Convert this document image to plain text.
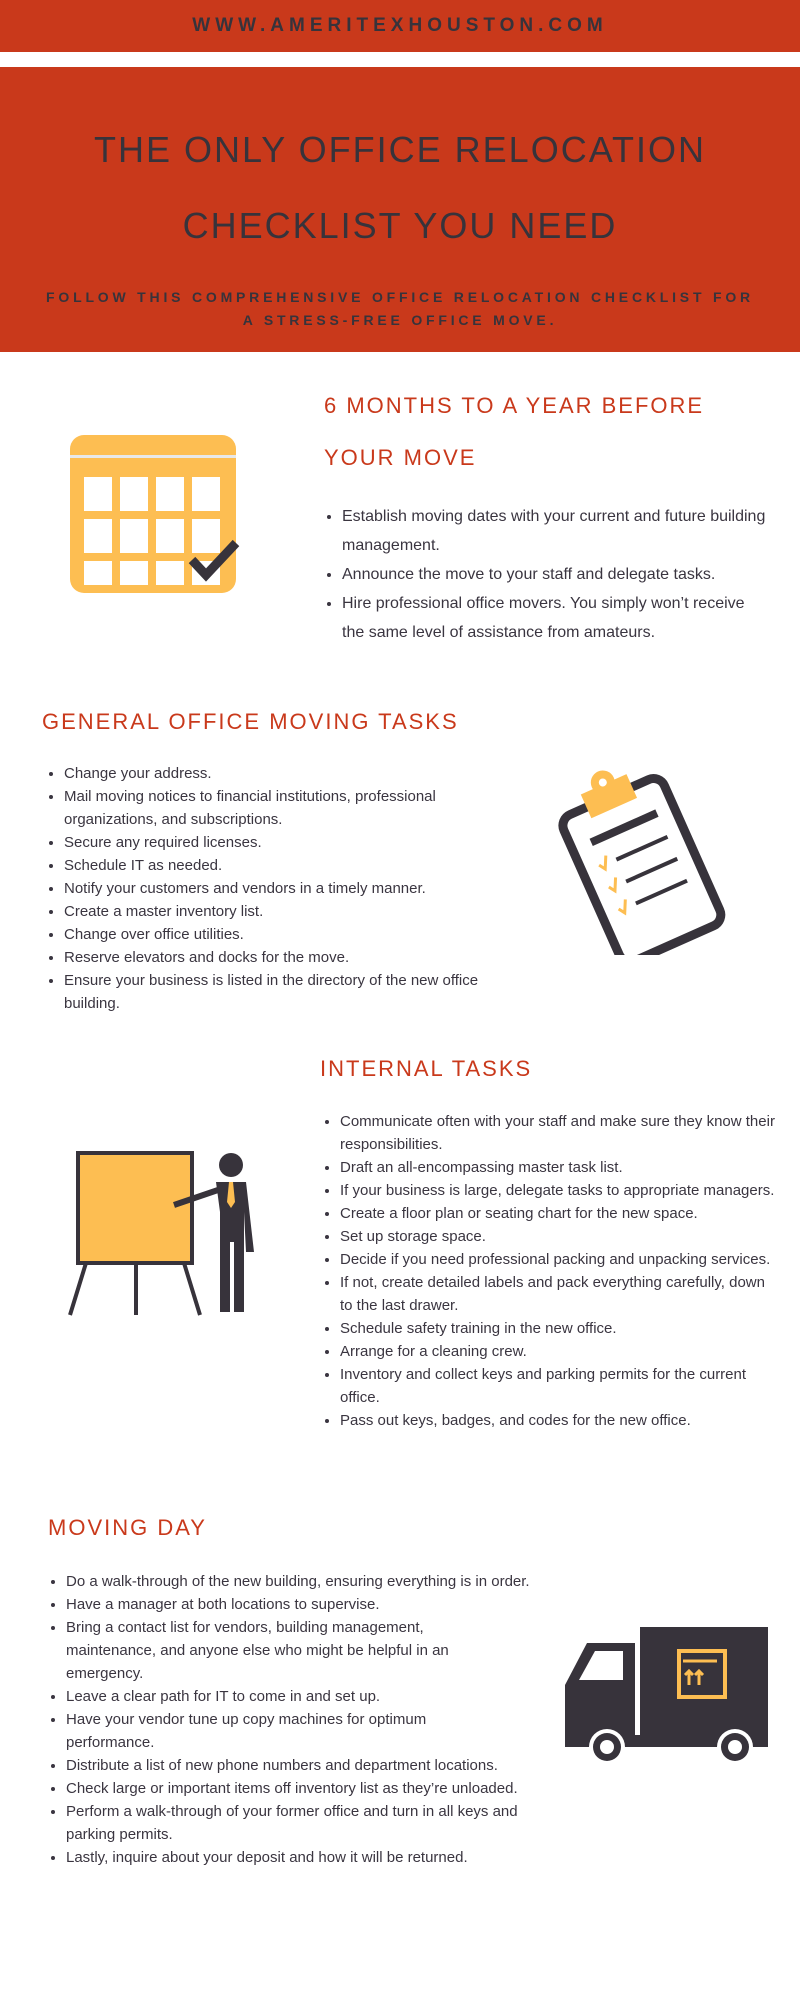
WWW.AMERITEXHOUSTON.COM
THE ONLY OFFICE RELOCATION
CHECKLIST YOU NEED
FOLLOW THIS COMPREHENSIVE OFFICE RELOCATION CHECKLIST FOR
A STRESS-FREE OFFICE MOVE.
6 MONTHS TO A YEAR BEFORE
YOUR MOVE
• Establish moving dates with your current and future building management.
• Announce the move to your staff and delegate tasks.
• Hire professional office movers. You simply won’t receive the same level of assistance from amateurs.
GENERAL OFFICE MOVING TASKS
• Change your address.
• Mail moving notices to financial institutions, professional organizations, and subscriptions.
• Secure any required licenses.
• Schedule IT as needed.
• Notify your customers and vendors in a timely manner.
• Create a master inventory list.
• Change over office utilities.
• Reserve elevators and docks for the move.
• Ensure your business is listed in the directory of the new office building.
INTERNAL TASKS
• Communicate often with your staff and make sure they know their responsibilities.
• Draft an all-encompassing master task list.
• If your business is large, delegate tasks to appropriate managers.
• Create a floor plan or seating chart for the new space.
• Set up storage space.
• Decide if you need professional packing and unpacking services.
• If not, create detailed labels and pack everything carefully, down to the last drawer.
• Schedule safety training in the new office.
• Arrange for a cleaning crew.
• Inventory and collect keys and parking permits for the current office.
• Pass out keys, badges, and codes for the new office.
MOVING DAY
• Do a walk-through of the new building, ensuring everything is in order.
• Have a manager at both locations to supervise.
• Bring a contact list for vendors, building management, maintenance, and anyone else who might be helpful in an emergency.
• Leave a clear path for IT to come in and set up.
• Have your vendor tune up copy machines for optimum performance.
• Distribute a list of new phone numbers and department locations.
• Check large or important items off inventory list as they’re unloaded.
• Perform a walk-through of your former office and turn in all keys and parking permits.
• Lastly, inquire about your deposit and how it will be returned.
